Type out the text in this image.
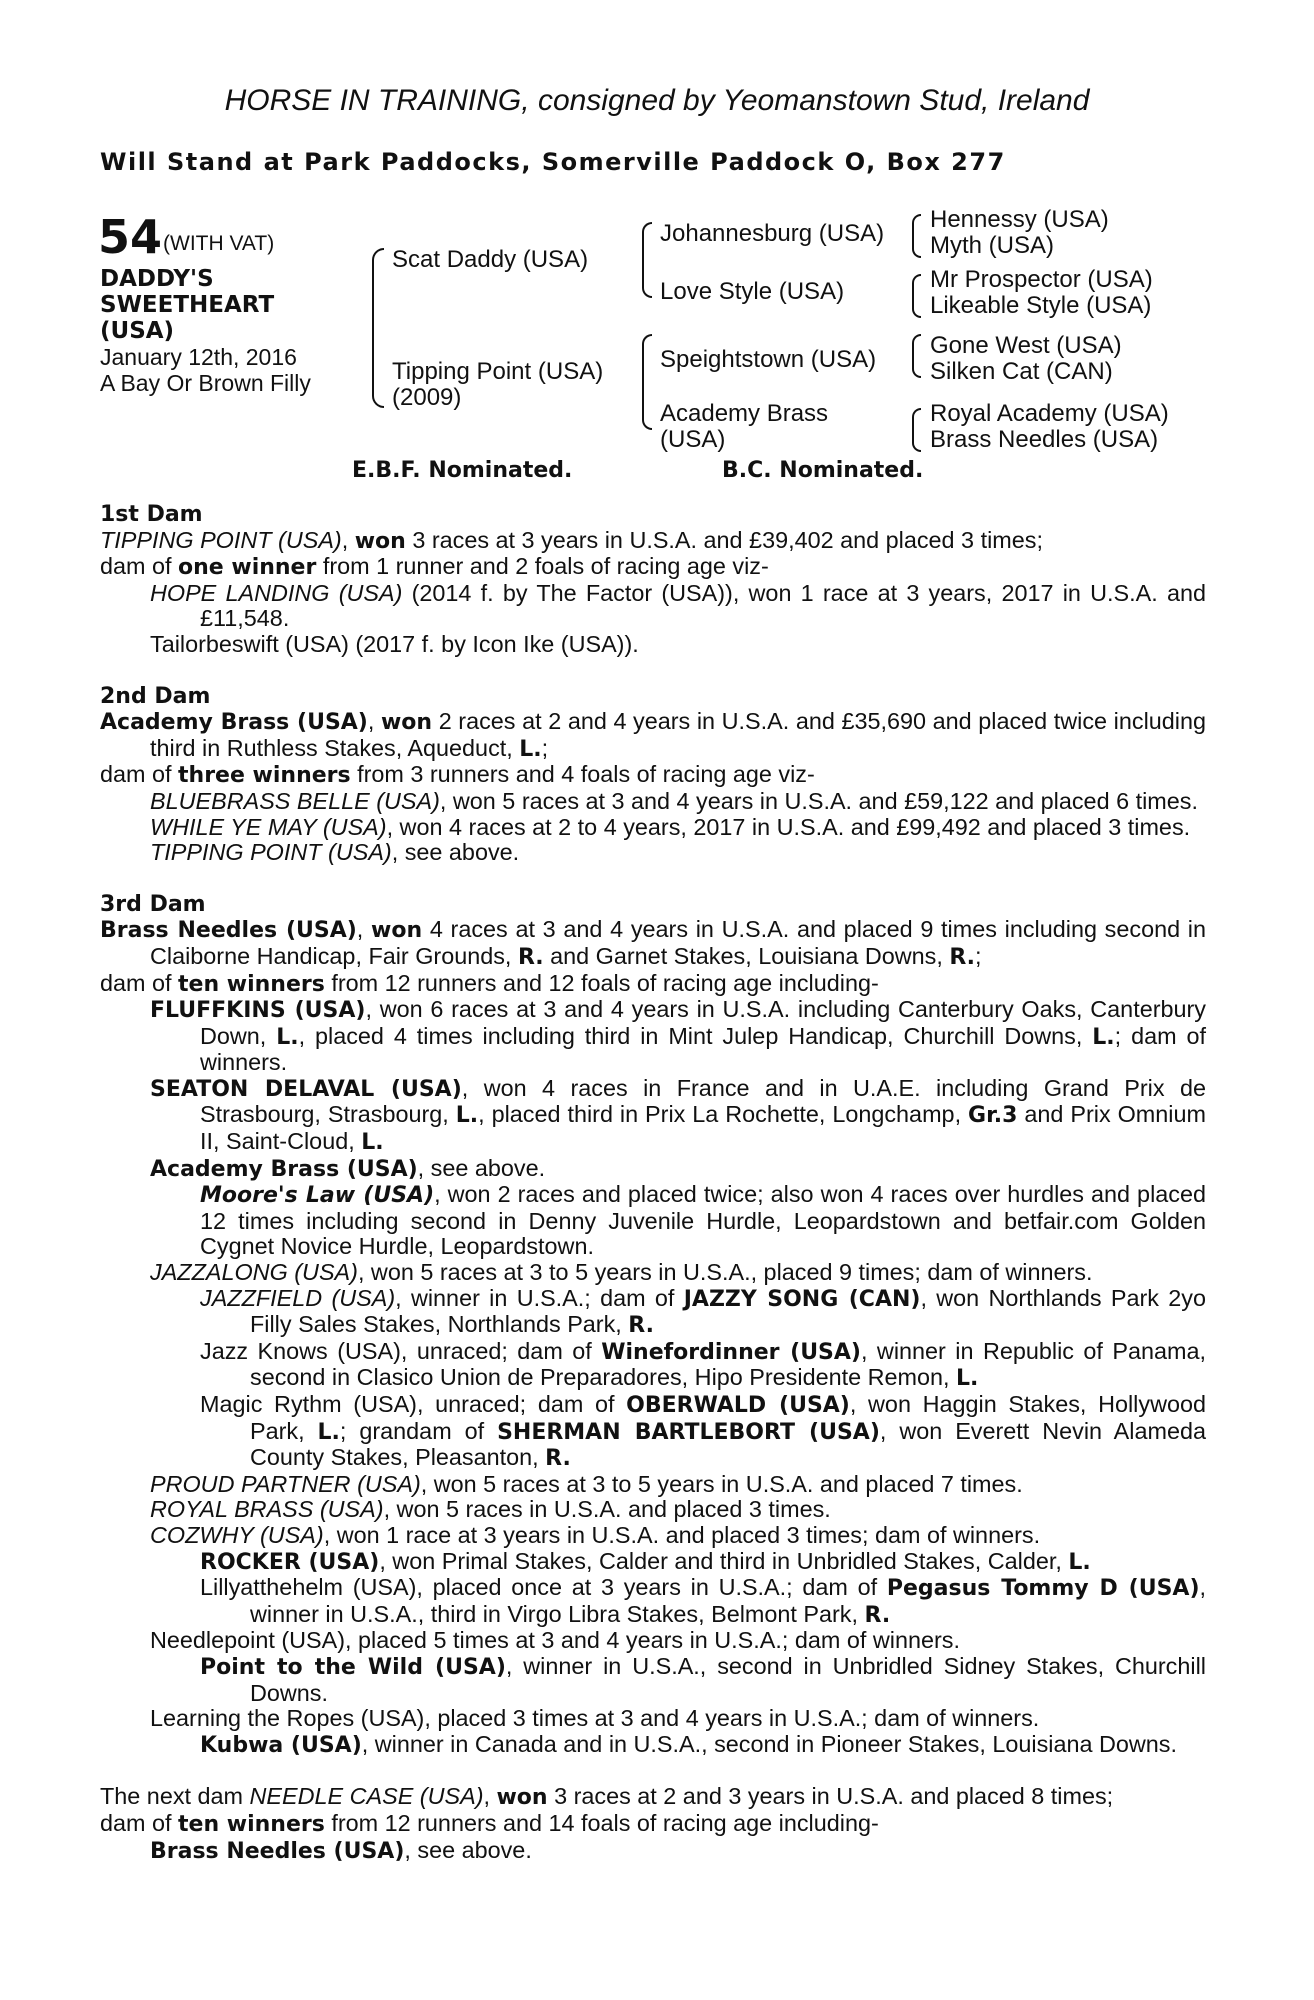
HORSE IN TRAINING, consigned by Yeomanstown Stud, Ireland
Will Stand at Park Paddocks, Somerville Paddock O, Box 277
54 (WITH VAT)
DADDY'S
SWEETHEART
(USA)
January 12th, 2016
A Bay Or Brown Filly
Scat Daddy (USA)
Tipping Point (USA)
(2009)
Johannesburg (USA)
Love Style (USA)
Speightstown (USA)
Academy Brass
(USA)
Hennessy (USA)
Myth (USA)
Mr Prospector (USA)
Likeable Style (USA)
Gone West (USA)
Silken Cat (CAN)
Royal Academy (USA)
Brass Needles (USA)
E.B.F. Nominated.	B.C. Nominated.
1st Dam
TIPPING POINT (USA), won 3 races at 3 years in U.S.A. and £39,402 and placed 3 times;
dam of one winner from 1 runner and 2 foals of racing age viz-
HOPE LANDING (USA) (2014 f. by The Factor (USA)), won 1 race at 3 years, 2017 in U.S.A. and £11,548.
Tailorbeswift (USA) (2017 f. by Icon Ike (USA)).
2nd Dam
Academy Brass (USA), won 2 races at 2 and 4 years in U.S.A. and £35,690 and placed twice including third in Ruthless Stakes, Aqueduct, L.;
dam of three winners from 3 runners and 4 foals of racing age viz-
BLUEBRASS BELLE (USA), won 5 races at 3 and 4 years in U.S.A. and £59,122 and placed 6 times.
WHILE YE MAY (USA), won 4 races at 2 to 4 years, 2017 in U.S.A. and £99,492 and placed 3 times.
TIPPING POINT (USA), see above.
3rd Dam
Brass Needles (USA), won 4 races at 3 and 4 years in U.S.A. and placed 9 times including second in Claiborne Handicap, Fair Grounds, R. and Garnet Stakes, Louisiana Downs, R.;
dam of ten winners from 12 runners and 12 foals of racing age including-
FLUFFKINS (USA), won 6 races at 3 and 4 years in U.S.A. including Canterbury Oaks, Canterbury Down, L., placed 4 times including third in Mint Julep Handicap, Churchill Downs, L.; dam of winners.
SEATON DELAVAL (USA), won 4 races in France and in U.A.E. including Grand Prix de Strasbourg, Strasbourg, L., placed third in Prix La Rochette, Longchamp, Gr.3 and Prix Omnium II, Saint-Cloud, L.
Academy Brass (USA), see above.
Moore's Law (USA), won 2 races and placed twice; also won 4 races over hurdles and placed 12 times including second in Denny Juvenile Hurdle, Leopardstown and betfair.com Golden Cygnet Novice Hurdle, Leopardstown.
JAZZALONG (USA), won 5 races at 3 to 5 years in U.S.A., placed 9 times; dam of winners.
JAZZFIELD (USA), winner in U.S.A.; dam of JAZZY SONG (CAN), won Northlands Park 2yo Filly Sales Stakes, Northlands Park, R.
Jazz Knows (USA), unraced; dam of Winefordinner (USA), winner in Republic of Panama, second in Clasico Union de Preparadores, Hipo Presidente Remon, L.
Magic Rythm (USA), unraced; dam of OBERWALD (USA), won Haggin Stakes, Hollywood Park, L.; grandam of SHERMAN BARTLEBORT (USA), won Everett Nevin Alameda County Stakes, Pleasanton, R.
PROUD PARTNER (USA), won 5 races at 3 to 5 years in U.S.A. and placed 7 times.
ROYAL BRASS (USA), won 5 races in U.S.A. and placed 3 times.
COZWHY (USA), won 1 race at 3 years in U.S.A. and placed 3 times; dam of winners.
ROCKER (USA), won Primal Stakes, Calder and third in Unbridled Stakes, Calder, L.
Lillyatthehelm (USA), placed once at 3 years in U.S.A.; dam of Pegasus Tommy D (USA), winner in U.S.A., third in Virgo Libra Stakes, Belmont Park, R.
Needlepoint (USA), placed 5 times at 3 and 4 years in U.S.A.; dam of winners.
Point to the Wild (USA), winner in U.S.A., second in Unbridled Sidney Stakes, Churchill Downs.
Learning the Ropes (USA), placed 3 times at 3 and 4 years in U.S.A.; dam of winners.
Kubwa (USA), winner in Canada and in U.S.A., second in Pioneer Stakes, Louisiana Downs.
The next dam NEEDLE CASE (USA), won 3 races at 2 and 3 years in U.S.A. and placed 8 times;
dam of ten winners from 12 runners and 14 foals of racing age including-
Brass Needles (USA), see above.
